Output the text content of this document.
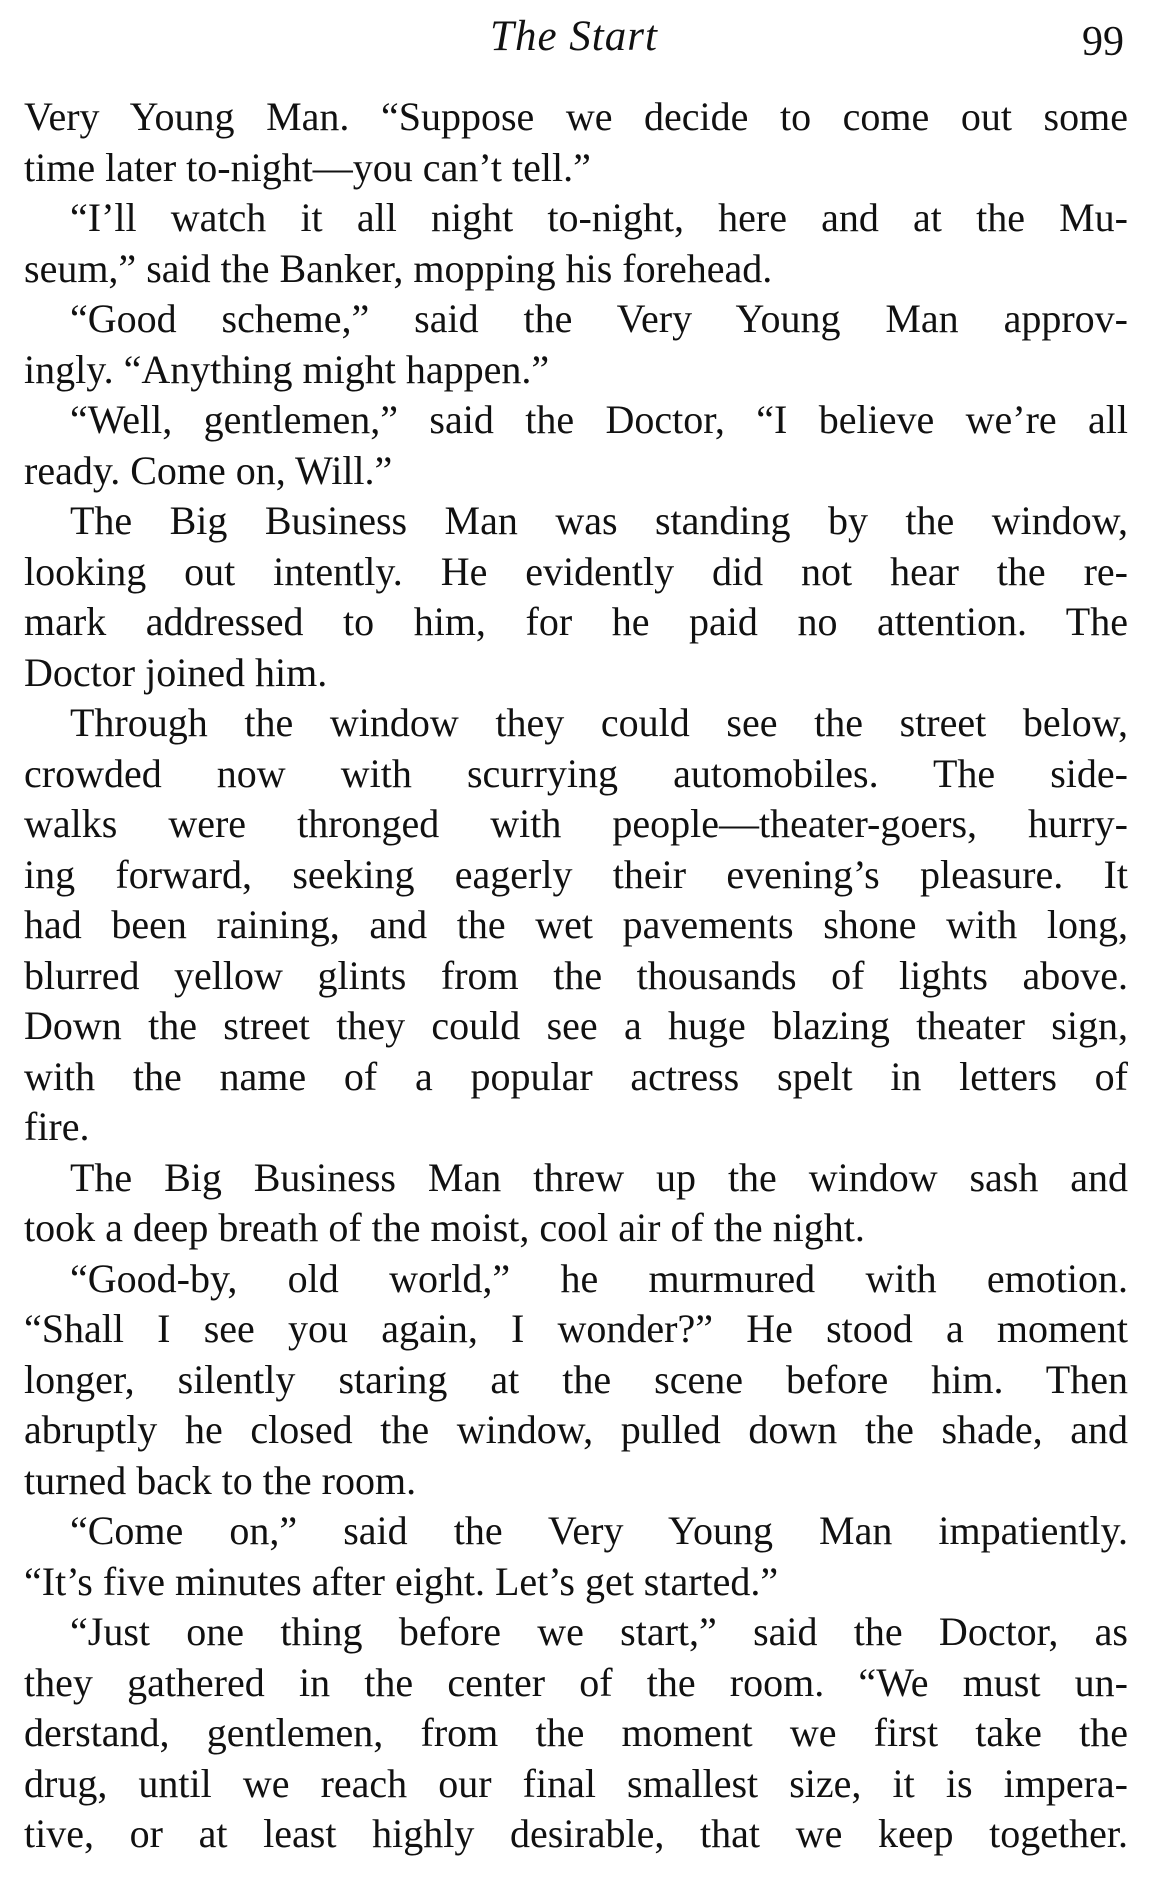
The Start	99
Very Young Man. “Suppose we decide to come out some
time later to-night—you can’t tell.”
“I’ll watch it all night to-night, here and at the Mu-
seum,” said the Banker, mopping his forehead.
“Good scheme,” said the Very Young Man approv-
ingly. “Anything might happen.”
“Well, gentlemen,” said the Doctor, “I believe we’re all
ready. Come on, Will.”
The Big Business Man was standing by the window,
looking out intently. He evidently did not hear the re-
mark addressed to him, for he paid no attention. The
Doctor joined him.
Through the window they could see the street below,
crowded now with scurrying automobiles. The side-
walks were thronged with people—theater-goers, hurry-
ing forward, seeking eagerly their evening’s pleasure. It
had been raining, and the wet pavements shone with long,
blurred yellow glints from the thousands of lights above.
Down the street they could see a huge blazing theater sign,
with the name of a popular actress spelt in letters of
fire.
The Big Business Man threw up the window sash and
took a deep breath of the moist, cool air of the night.
“Good-by, old world,” he murmured with emotion.
“Shall I see you again, I wonder?” He stood a moment
longer, silently staring at the scene before him. Then
abruptly he closed the window, pulled down the shade, and
turned back to the room.
“Come on,” said the Very Young Man impatiently.
“It’s five minutes after eight. Let’s get started.”
“Just one thing before we start,” said the Doctor, as
they gathered in the center of the room. “We must un-
derstand, gentlemen, from the moment we first take the
drug, until we reach our final smallest size, it is impera-
tive, or at least highly desirable, that we keep together.
